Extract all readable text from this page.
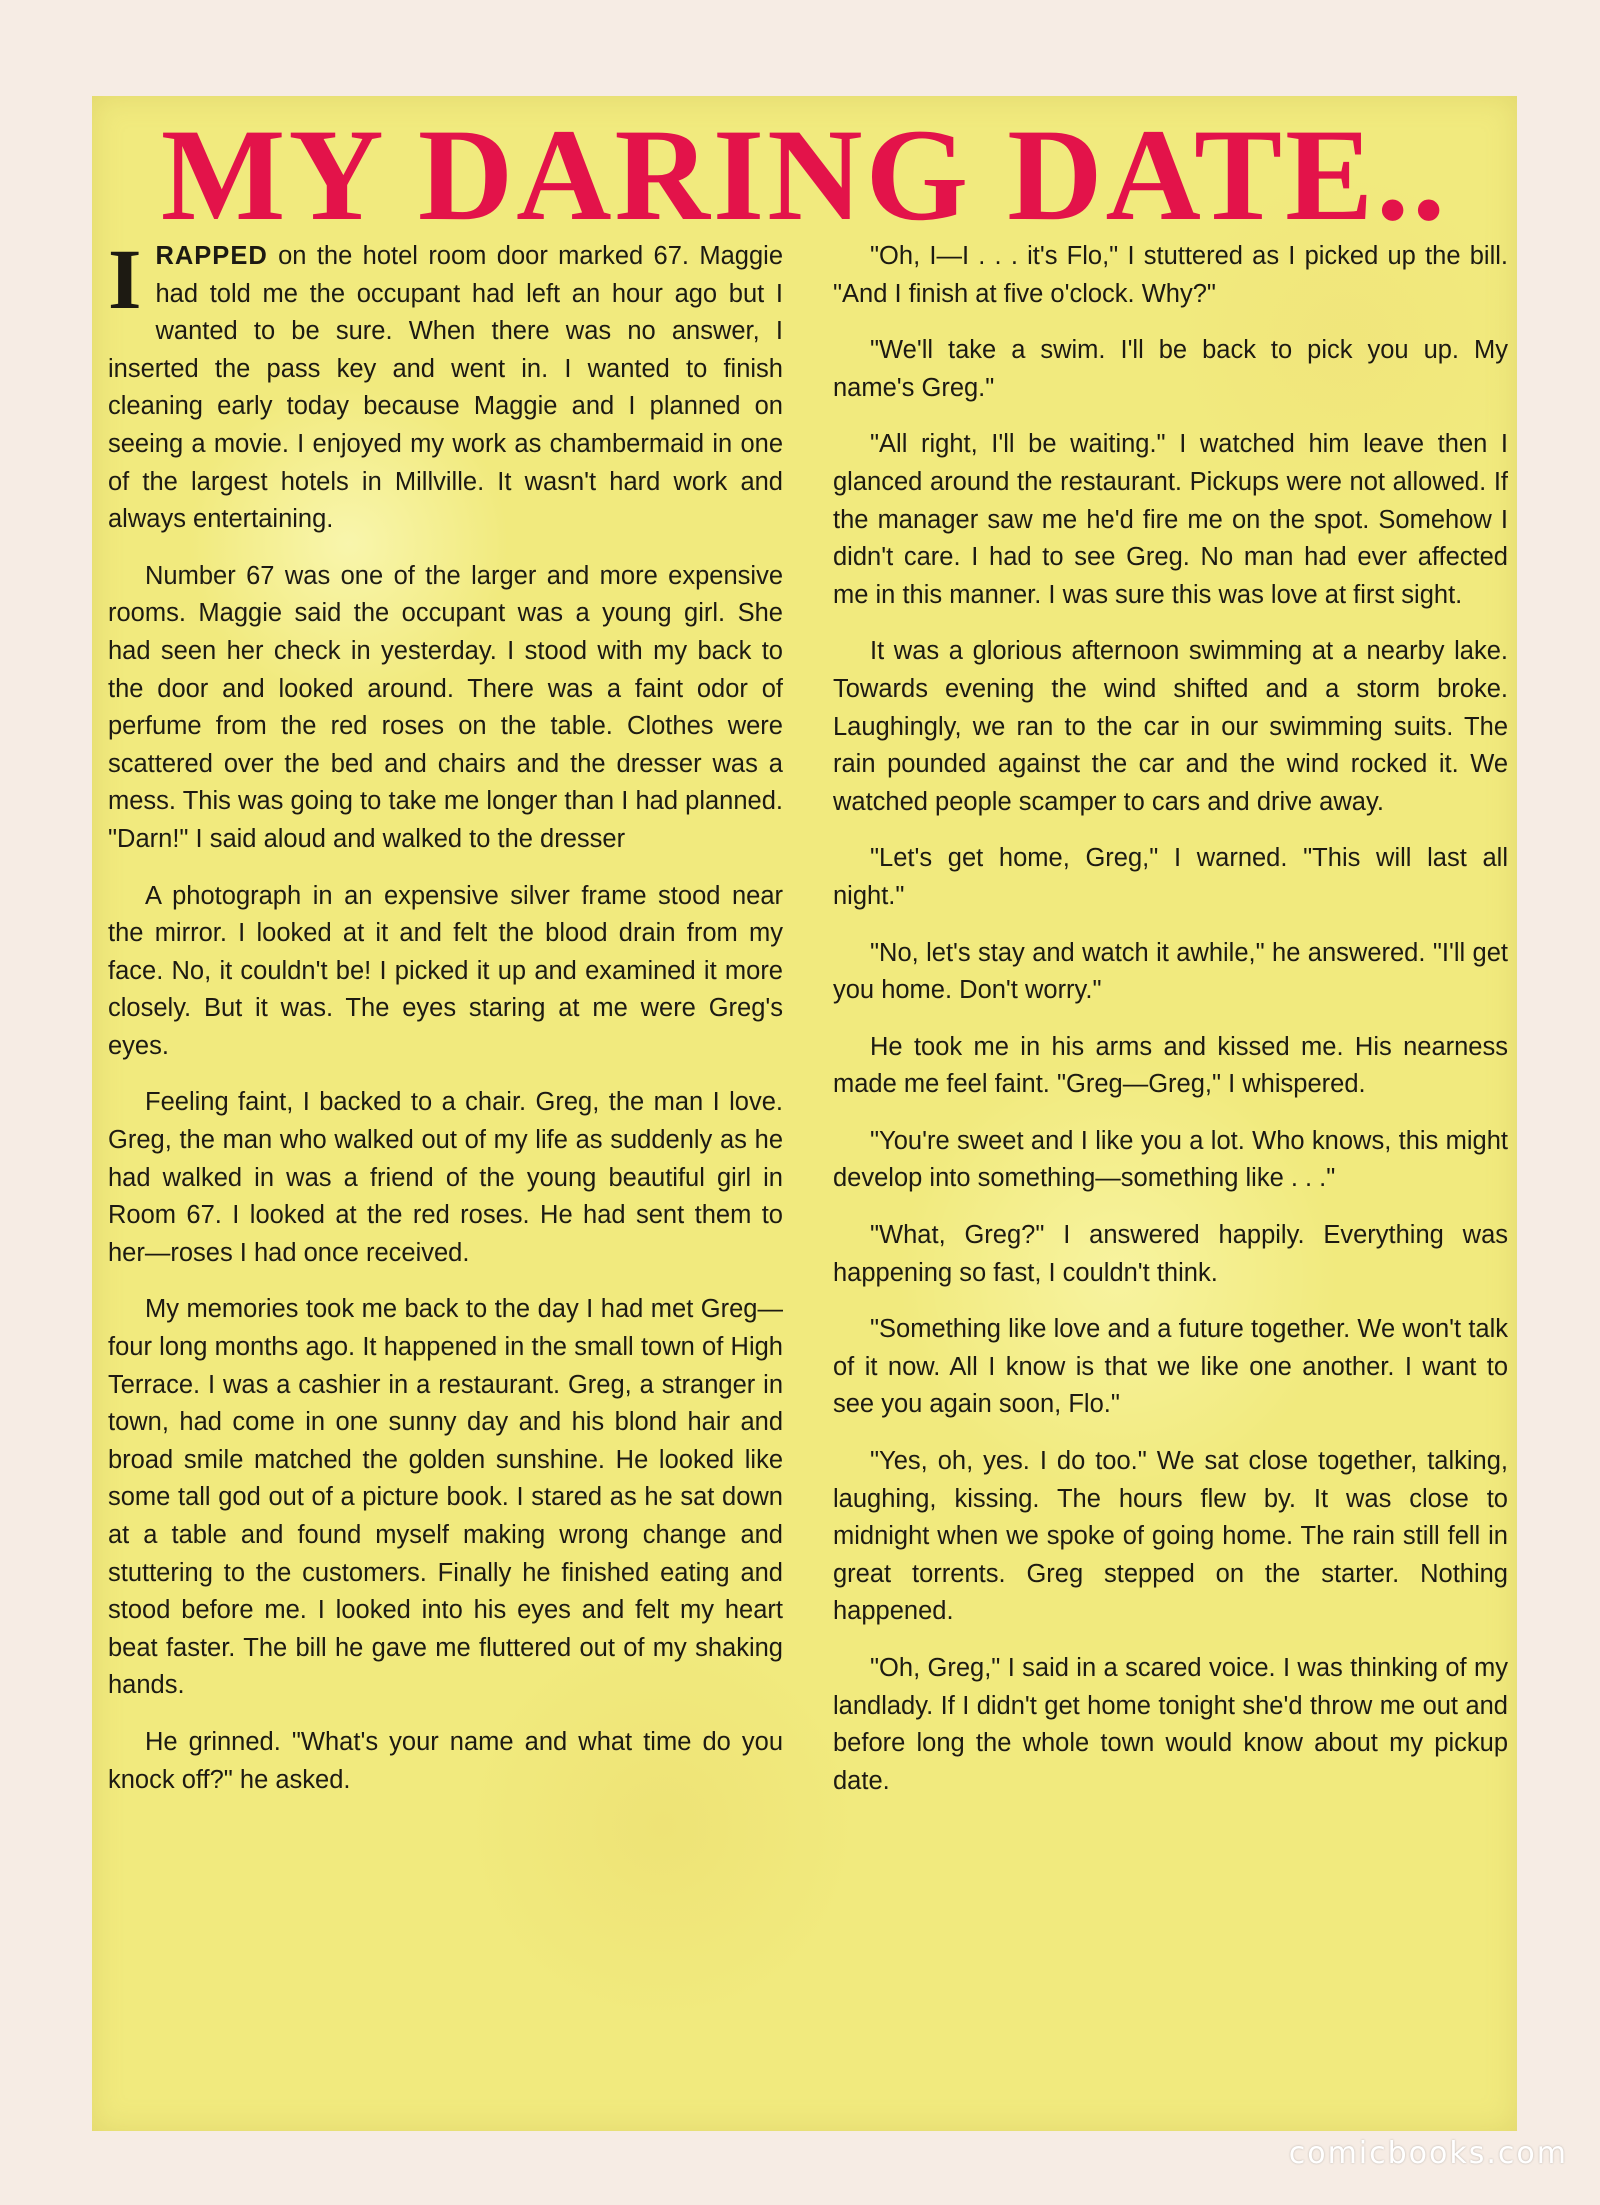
MY DARING DATE..

IRAPPED on the hotel room door marked 67. Maggie had told me the occupant had left an hour ago but I wanted to be sure. When there was no answer, I inserted the pass key and went in. I wanted to finish cleaning early today because Maggie and I planned on seeing a movie. I enjoyed my work as chambermaid in one of the largest hotels in Millville. It wasn't hard work and always entertaining.

Number 67 was one of the larger and more expensive rooms. Maggie said the occupant was a young girl. She had seen her check in yesterday. I stood with my back to the door and looked around. There was a faint odor of perfume from the red roses on the table. Clothes were scattered over the bed and chairs and the dresser was a mess. This was going to take me longer than I had planned. "Darn!" I said aloud and walked to the dresser

A photograph in an expensive silver frame stood near the mirror. I looked at it and felt the blood drain from my face. No, it couldn't be! I picked it up and examined it more closely. But it was. The eyes staring at me were Greg's eyes.

Feeling faint, I backed to a chair. Greg, the man I love. Greg, the man who walked out of my life as suddenly as he had walked in was a friend of the young beautiful girl in Room 67. I looked at the red roses. He had sent them to her—roses I had once received.

My memories took me back to the day I had met Greg—four long months ago. It happened in the small town of High Terrace. I was a cashier in a restaurant. Greg, a stranger in town, had come in one sunny day and his blond hair and broad smile matched the golden sunshine. He looked like some tall god out of a picture book. I stared as he sat down at a table and found myself making wrong change and stuttering to the customers. Finally he finished eating and stood before me. I looked into his eyes and felt my heart beat faster. The bill he gave me fluttered out of my shaking hands.

He grinned. "What's your name and what time do you knock off?" he asked.

"Oh, I—I . . . it's Flo," I stuttered as I picked up the bill. "And I finish at five o'clock. Why?"

"We'll take a swim. I'll be back to pick you up. My name's Greg."

"All right, I'll be waiting." I watched him leave then I glanced around the restaurant. Pickups were not allowed. If the manager saw me he'd fire me on the spot. Somehow I didn't care. I had to see Greg. No man had ever affected me in this manner. I was sure this was love at first sight.

It was a glorious afternoon swimming at a nearby lake. Towards evening the wind shifted and a storm broke. Laughingly, we ran to the car in our swimming suits. The rain pounded against the car and the wind rocked it. We watched people scamper to cars and drive away.

"Let's get home, Greg," I warned. "This will last all night."

"No, let's stay and watch it awhile," he answered. "I'll get you home. Don't worry."

He took me in his arms and kissed me. His nearness made me feel faint. "Greg—Greg," I whispered.

"You're sweet and I like you a lot. Who knows, this might develop into something—something like . . ."

"What, Greg?" I answered happily. Everything was happening so fast, I couldn't think.

"Something like love and a future together. We won't talk of it now. All I know is that we like one another. I want to see you again soon, Flo."

"Yes, oh, yes. I do too." We sat close together, talking, laughing, kissing. The hours flew by. It was close to midnight when we spoke of going home. The rain still fell in great torrents. Greg stepped on the starter. Nothing happened.

"Oh, Greg," I said in a scared voice. I was thinking of my landlady. If I didn't get home tonight she'd throw me out and before long the whole town would know about my pickup date.

comicbooks.com
